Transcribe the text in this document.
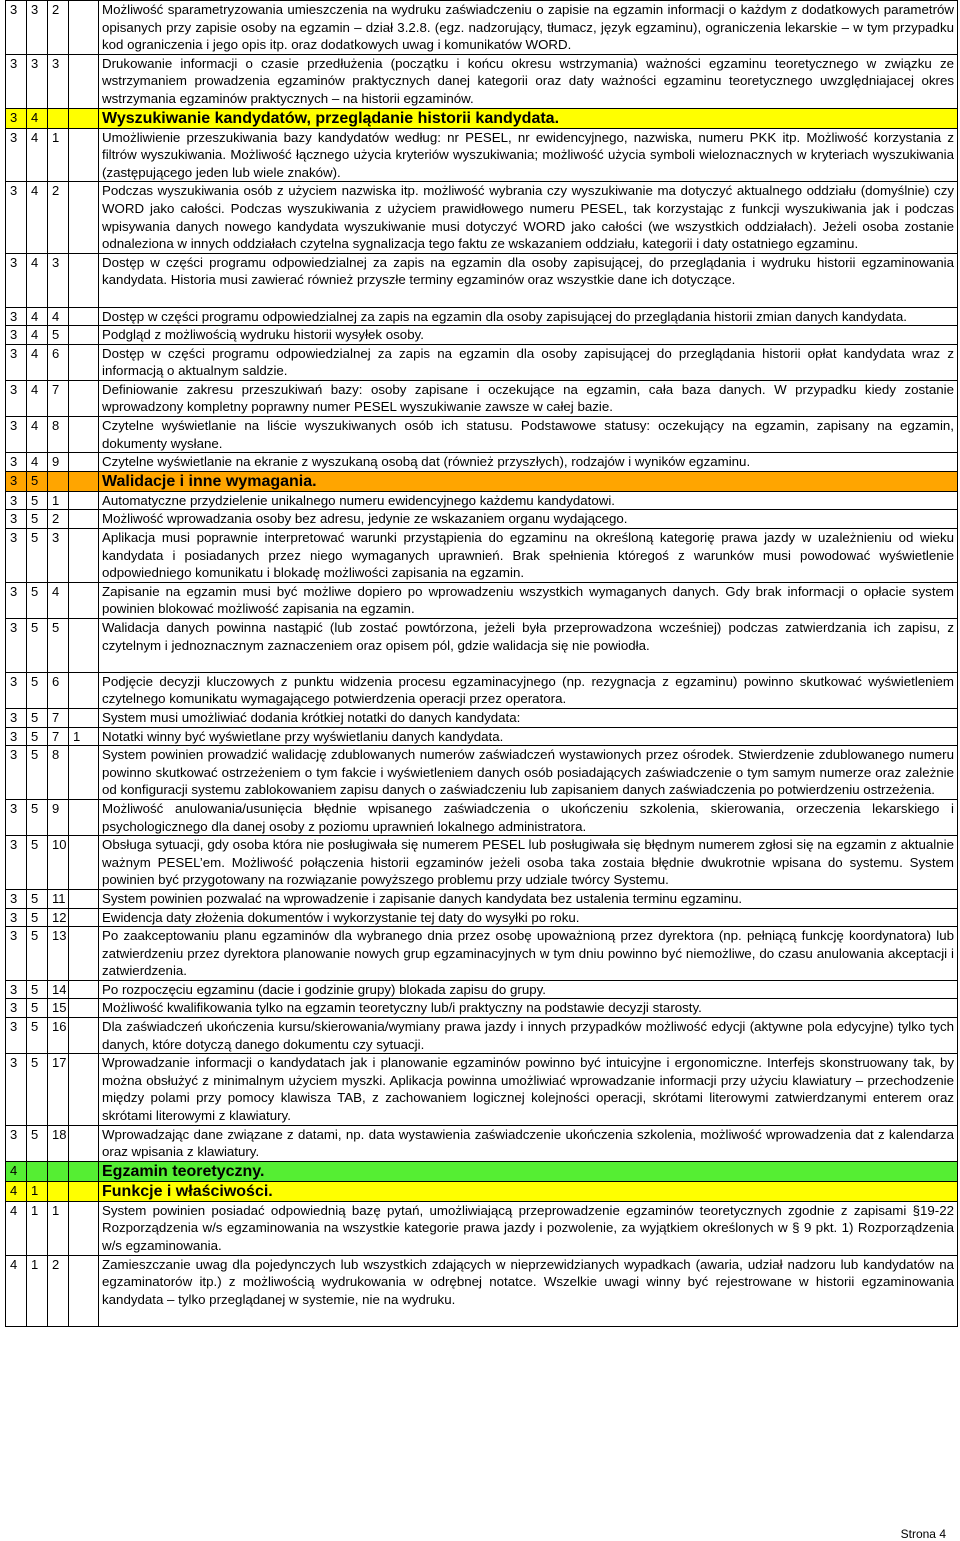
3	3	2		Możliwość sparametryzowania umieszczenia na wydruku zaświadczeniu o zapisie na egzamin informacji o każdym z dodatkowych parametrów opisanych przy zapisie osoby na egzamin – dział 3.2.8. (egz. nadzorujący, tłumacz, język egzaminu), ograniczenia lekarskie – w tym przypadku kod ograniczenia i jego opis itp. oraz dodatkowych uwag i komunikatów WORD.
3	3	3		Drukowanie informacji o czasie przedłużenia (początku i końcu okresu wstrzymania) ważności egzaminu teoretycznego w związku ze wstrzymaniem prowadzenia egzaminów praktycznych danej kategorii oraz daty ważności egzaminu teoretycznego uwzględniajacej okres wstrzymania egzaminów praktycznych – na historii egzaminów.
3	4			Wyszukiwanie kandydatów, przeglądanie historii kandydata.
3	4	1		Umożliwienie przeszukiwania bazy kandydatów według: nr PESEL, nr ewidencyjnego, nazwiska, numeru PKK itp. Możliwość korzystania z filtrów wyszukiwania. Możliwość łącznego użycia kryteriów wyszukiwania; możliwość użycia symboli wieloznacznych w kryteriach wyszukiwania (zastępującego jeden lub wiele znaków).
3	4	2		Podczas wyszukiwania osób z użyciem nazwiska itp. możliwość wybrania czy wyszukiwanie ma dotyczyć aktualnego oddziału (domyślnie) czy WORD jako całości. Podczas wyszukiwania z użyciem prawidłowego numeru PESEL, tak korzystając z funkcji wyszukiwania jak i podczas wpisywania danych nowego kandydata wyszukiwanie musi dotyczyć WORD jako całości (we wszystkich oddziałach). Jeżeli osoba zostanie odnaleziona w innych oddziałach czytelna sygnalizacja tego faktu ze wskazaniem oddziału, kategorii i daty ostatniego egzaminu.
3	4	3		Dostęp w części programu odpowiedzialnej za zapis na egzamin dla osoby zapisującej, do przeglądania i wydruku historii egzaminowania kandydata. Historia musi zawierać również przyszłe terminy egzaminów oraz wszystkie dane ich dotyczące.

3	4	4		Dostęp w części programu odpowiedzialnej za zapis na egzamin dla osoby zapisującej do przeglądania historii zmian danych kandydata.
3	4	5		Podgląd z możliwością wydruku historii wysyłek osoby.
3	4	6		Dostęp w części programu odpowiedzialnej za zapis na egzamin dla osoby zapisującej do przeglądania historii opłat kandydata wraz z informacją o aktualnym saldzie.
3	4	7		Definiowanie zakresu przeszukiwań bazy: osoby zapisane i oczekujące na egzamin, cała baza danych. W przypadku kiedy zostanie wprowadzony kompletny poprawny numer PESEL wyszukiwanie zawsze w całej bazie.
3	4	8		Czytelne wyświetlanie na liście wyszukiwanych osób ich statusu. Podstawowe statusy: oczekujący na egzamin, zapisany na egzamin, dokumenty wysłane.
3	4	9		Czytelne wyświetlanie na ekranie z wyszukaną osobą dat (również przyszłych), rodzajów i wyników egzaminu.
3	5			Walidacje i inne wymagania.
3	5	1		Automatyczne przydzielenie unikalnego numeru ewidencyjnego każdemu kandydatowi.
3	5	2		Możliwość wprowadzania osoby bez adresu, jedynie ze wskazaniem organu wydającego.
3	5	3		Aplikacja musi poprawnie interpretować warunki przystąpienia do egzaminu na określoną kategorię prawa jazdy w uzależnieniu od wieku kandydata i posiadanych przez niego wymaganych uprawnień. Brak spełnienia któregoś z warunków musi powodować wyświetlenie odpowiedniego komunikatu i blokadę możliwości zapisania na egzamin.
3	5	4		Zapisanie na egzamin musi być możliwe dopiero po wprowadzeniu wszystkich wymaganych danych. Gdy brak informacji o opłacie system powinien blokować możliwość zapisania na egzamin.
3	5	5		Walidacja danych powinna nastąpić (lub zostać powtórzona, jeżeli była przeprowadzona wcześniej) podczas zatwierdzania ich zapisu, z czytelnym i jednoznacznym zaznaczeniem oraz opisem pól, gdzie walidacja się nie powiodła.

3	5	6		Podjęcie decyzji kluczowych z punktu widzenia procesu egzaminacyjnego (np. rezygnacja z egzaminu) powinno skutkować wyświetleniem czytelnego komunikatu wymagającego potwierdzenia operacji przez operatora.
3	5	7		System musi umożliwiać dodania krótkiej notatki do danych kandydata:
3	5	7	1	Notatki winny być wyświetlane przy wyświetlaniu danych kandydata.
3	5	8		System powinien prowadzić walidację zdublowanych numerów zaświadczeń wystawionych przez ośrodek. Stwierdzenie zdublowanego numeru powinno skutkować ostrzeżeniem o tym fakcie i wyświetleniem danych osób posiadających zaświadczenie o tym samym numerze oraz zależnie od konfiguracji systemu zablokowaniem zapisu danych o zaświadczeniu lub zapisaniem danych zaświadczenia po potwierdzeniu ostrzeżenia.
3	5	9		Możliwość anulowania/usunięcia błędnie wpisanego zaświadczenia o ukończeniu szkolenia, skierowania, orzeczenia lekarskiego i psychologicznego dla danej osoby z poziomu uprawnień lokalnego administratora.
3	5	10		Obsługa sytuacji, gdy osoba która nie posługiwała się numerem PESEL lub posługiwała się błędnym numerem zgłosi się na egzamin z aktualnie ważnym PESEL’em. Możliwość połączenia historii egzaminów jeżeli osoba taka zostaia błędnie dwukrotnie wpisana do systemu. System powinien być przygotowany na rozwiązanie powyższego problemu przy udziale twórcy Systemu.
3	5	11		System powinien pozwalać na wprowadzenie i zapisanie danych kandydata bez ustalenia terminu egzaminu.
3	5	12		Ewidencja daty złożenia dokumentów i wykorzystanie tej daty do wysyłki po roku.
3	5	13		Po zaakceptowaniu planu egzaminów dla wybranego dnia przez osobę upoważnioną przez dyrektora (np. pełniącą funkcję koordynatora) lub zatwierdzeniu przez dyrektora planowanie nowych grup egzaminacyjnych w tym dniu powinno być niemożliwe, do czasu anulowania akceptacji i zatwierdzenia.
3	5	14		Po rozpoczęciu egzaminu (dacie i godzinie grupy) blokada zapisu do grupy.
3	5	15		Możliwość kwalifikowania tylko na egzamin teoretyczny lub/i praktyczny na podstawie decyzji starosty.
3	5	16		Dla zaświadczeń ukończenia kursu/skierowania/wymiany prawa jazdy i innych przypadków możliwość edycji (aktywne pola edycyjne) tylko tych danych, które dotyczą danego dokumentu czy sytuacji.
3	5	17		Wprowadzanie informacji o kandydatach jak i planowanie egzaminów powinno być intuicyjne i ergonomiczne. Interfejs skonstruowany tak, by można obsłużyć z minimalnym użyciem myszki. Aplikacja powinna umożliwiać wprowadzanie informacji przy użyciu klawiatury – przechodzenie między polami przy pomocy klawisza TAB, z zachowaniem logicznej kolejności operacji, skrótami literowymi zatwierdzanymi enterem oraz skrótami literowymi z klawiatury.
3	5	18		Wprowadzając dane związane z datami, np. data wystawienia zaświadczenie ukończenia szkolenia, możliwość wprowadzenia dat z kalendarza oraz wpisania z klawiatury.
4				Egzamin teoretyczny.
4	1			Funkcje i właściwości.
4	1	1		System powinien posiadać odpowiednią bazę pytań, umożliwiającą przeprowadzenie egzaminów teoretycznych zgodnie z zapisami §19-22 Rozporządzenia w/s egzaminowania na wszystkie kategorie prawa jazdy i pozwolenie, za wyjątkiem określonych w § 9 pkt. 1) Rozporządzenia w/s egzaminowania.
4	1	2		Zamieszczanie uwag dla pojedynczych lub wszystkich zdających w nieprzewidzianych wypadkach (awaria, udział nadzoru lub kandydatów na egzaminatorów itp.) z możliwością wydrukowania w odrębnej notatce. Wszelkie uwagi winny być rejestrowane w historii egzaminowania kandydata – tylko przeglądanej w systemie, nie na wydruku.

Strona 4
